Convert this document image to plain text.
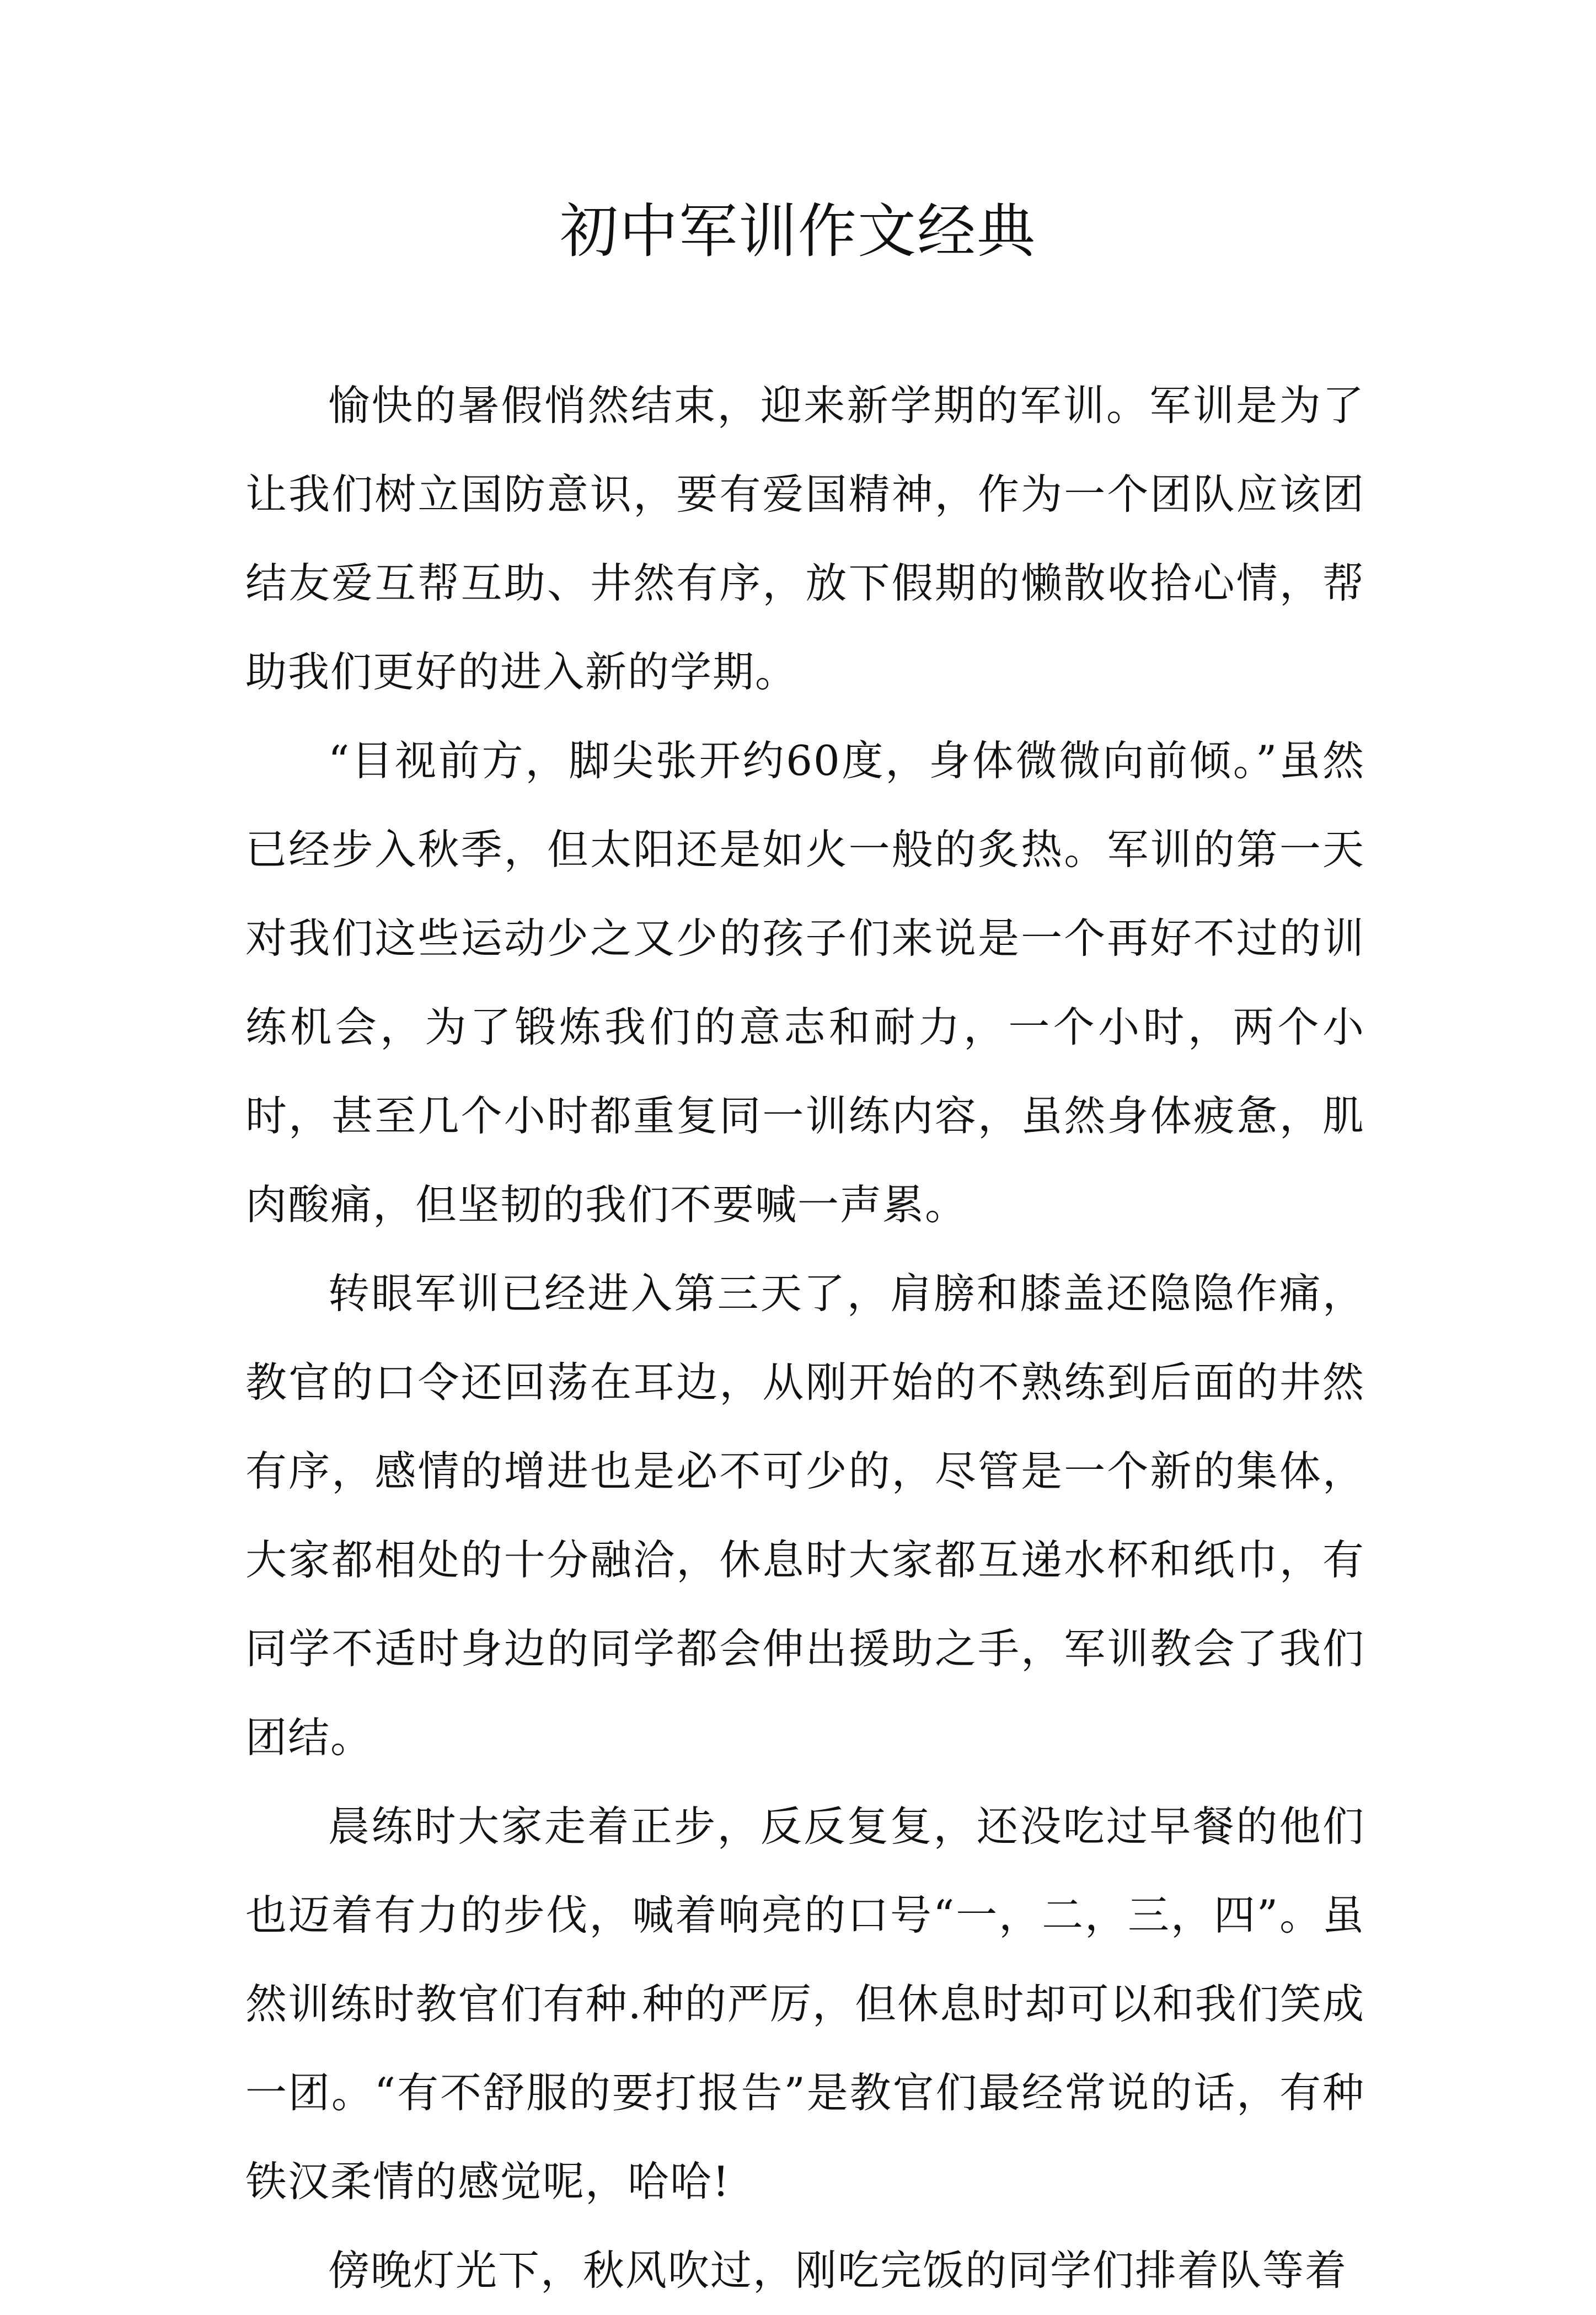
初中军训作文经典

愉快的暑假悄然结束，迎来新学期的军训。军训是为了让我们树立国防意识，要有爱国精神，作为一个团队应该团结友爱互帮互助、井然有序，放下假期的懒散收拾心情，帮助我们更好的进入新的学期。

“目视前方，脚尖张开约60度，身体微微向前倾。”虽然已经步入秋季，但太阳还是如火一般的炙热。军训的第一天对我们这些运动少之又少的孩子们来说是一个再好不过的训练机会，为了锻炼我们的意志和耐力，一个小时，两个小时，甚至几个小时都重复同一训练内容，虽然身体疲惫，肌肉酸痛，但坚韧的我们不要喊一声累。

转眼军训已经进入第三天了，肩膀和膝盖还隐隐作痛，教官的口令还回荡在耳边，从刚开始的不熟练到后面的井然有序，感情的增进也是必不可少的，尽管是一个新的集体，大家都相处的十分融洽，休息时大家都互递水杯和纸巾，有同学不适时身边的同学都会伸出援助之手，军训教会了我们团结。

晨练时大家走着正步，反反复复，还没吃过早餐的他们也迈着有力的步伐，喊着响亮的口号“一，二，三，四”。虽然训练时教官们有种.种的严厉，但休息时却可以和我们笑成一团。“有不舒服的要打报告”是教官们最经常说的话，有种铁汉柔情的感觉呢，哈哈!

傍晚灯光下，秋风吹过，刚吃完饭的同学们排着队等着
